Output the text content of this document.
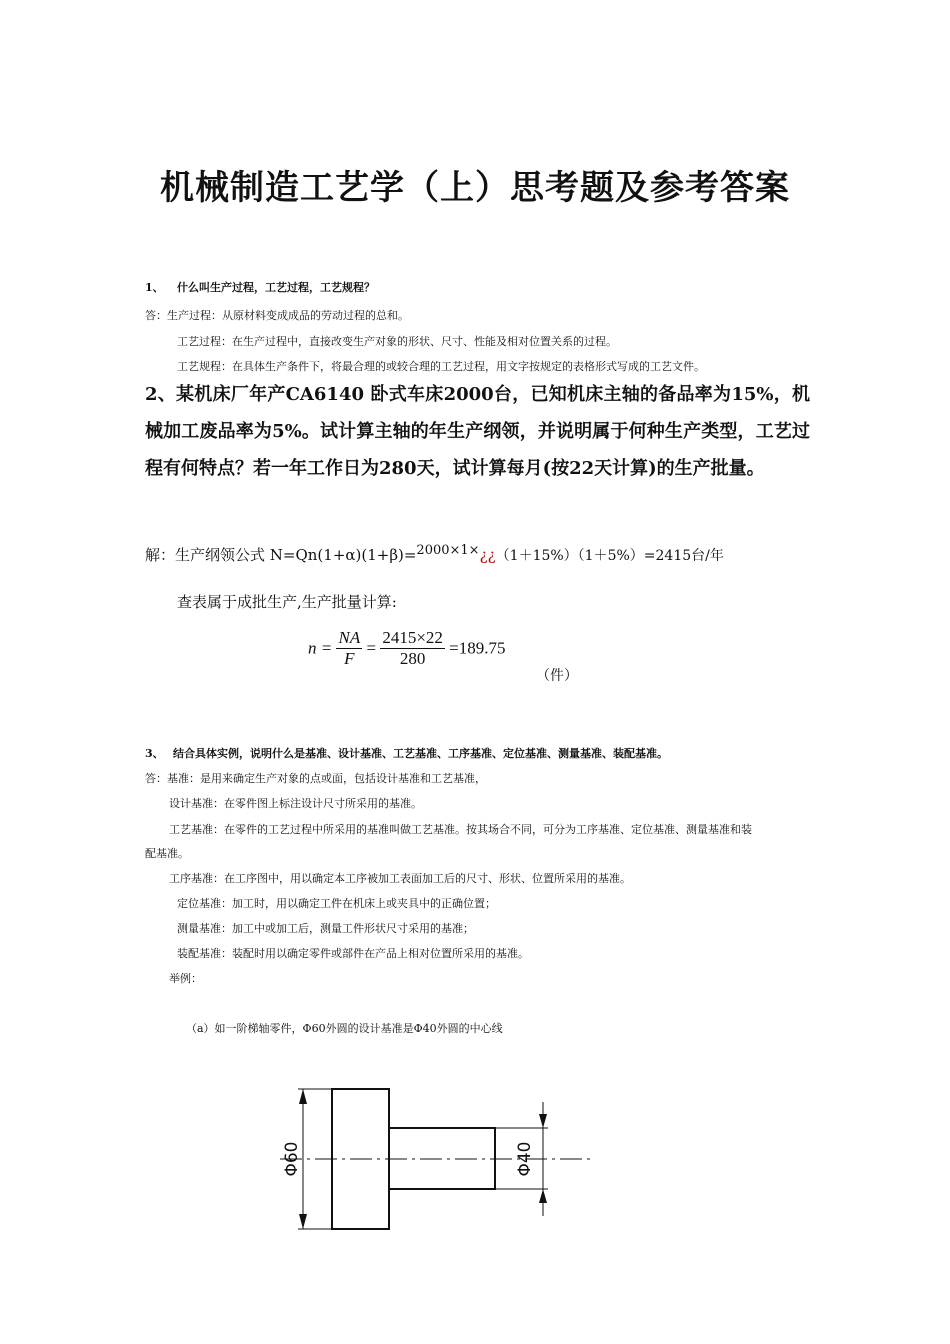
机械制造工艺学（上）思考题及参考答案
1、 什么叫生产过程，工艺过程，工艺规程？
答：生产过程：从原材料变成成品的劳动过程的总和。
工艺过程：在生产过程中，直接改变生产对象的形状、尺寸、性能及相对位置关系的过程。
工艺规程：在具体生产条件下，将最合理的或较合理的工艺过程，用文字按规定的表格形式写成的工艺文件。
2、某机床厂年产CA6140 卧式车床2000台，已知机床主轴的备品率为15%，机械加工废品率为5%。试计算主轴的年生产纲领，并说明属于何种生产类型，工艺过程有何特点？若一年工作日为280天，试计算每月(按22天计算)的生产批量。
解：生产纲领公式 N=Qn(1+α)(1+β)=2000×1×¿¿（1＋15%）（1＋5%）=2415台/年
查表属于成批生产,生产批量计算:
$n = \frac{NA}{F} = \frac{2415\times 22}{280} =189.75$
（件）
3、 结合具体实例，说明什么是基准、设计基准、工艺基准、工序基准、定位基准、测量基准、装配基准。
答：基准：是用来确定生产对象的点或面，包括设计基准和工艺基准，
设计基准：在零件图上标注设计尺寸所采用的基准。
工艺基准：在零件的工艺过程中所采用的基准叫做工艺基准。按其场合不同，可分为工序基准、定位基准、测量基准和装
配基准。
工序基准：在工序图中，用以确定本工序被加工表面加工后的尺寸、形状、位置所采用的基准。
定位基准：加工时，用以确定工件在机床上或夹具中的正确位置；
测量基准：加工中或加工后，测量工件形状尺寸采用的基准；
装配基准：装配时用以确定零件或部件在产品上相对位置所采用的基准。
举例：
（a）如一阶梯轴零件，Φ60外圆的设计基准是Φ40外圆的中心线
Φ60	Φ40
